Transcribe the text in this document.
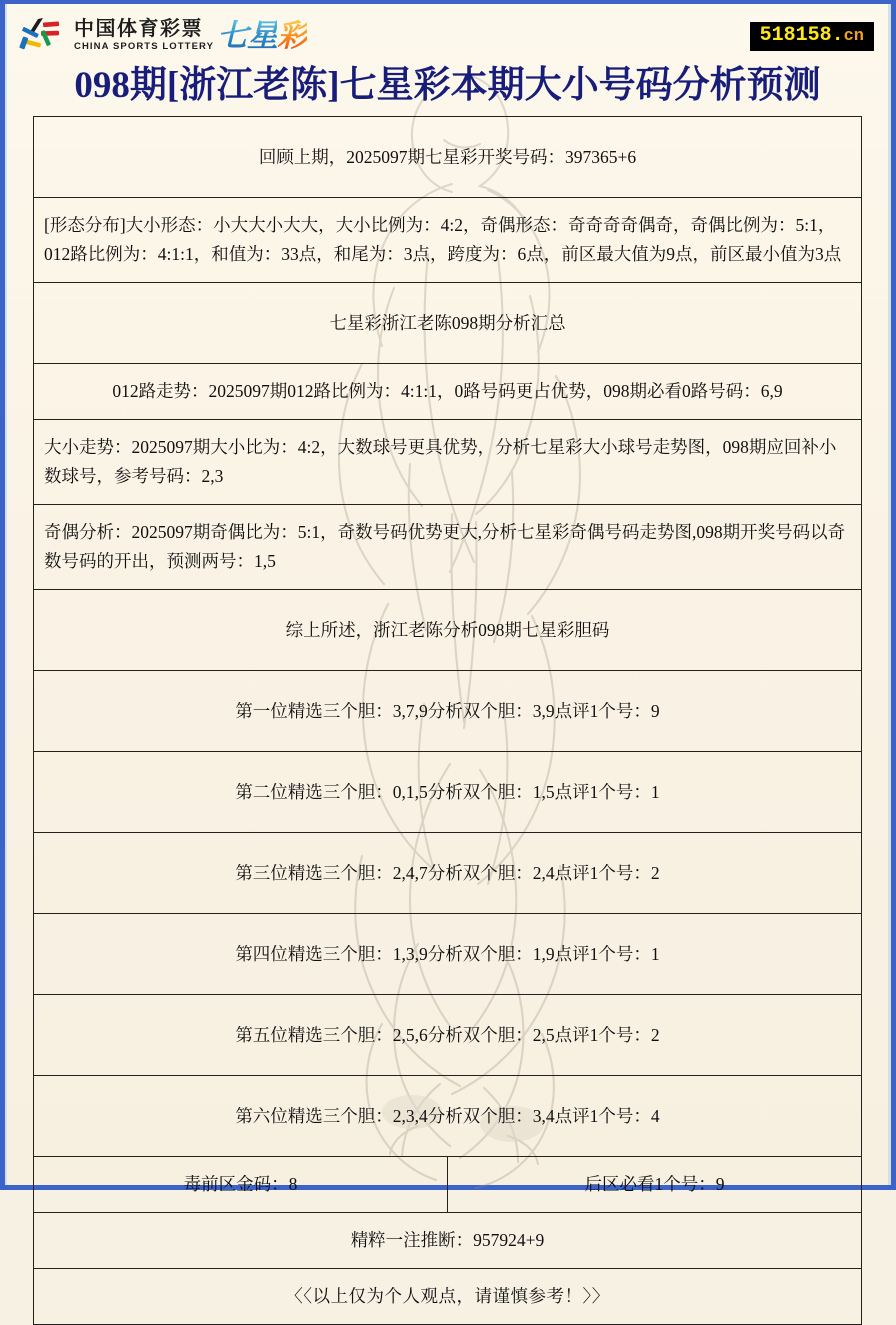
中国体育彩票
CHINA SPORTS LOTTERY 七星彩	518158.cn
098期[浙江老陈]七星彩本期大小号码分析预测
回顾上期，2025097期七星彩开奖号码：397365+6
[形态分布]大小形态：小大大小大大，大小比例为：4:2，奇偶形态：奇奇奇奇偶奇，奇偶比例为：5:1，012路比例为：4:1:1，和值为：33点，和尾为：3点，跨度为：6点，前区最大值为9点，前区最小值为3点
七星彩浙江老陈098期分析汇总
012路走势：2025097期012路比例为：4:1:1，0路号码更占优势，098期必看0路号码：6,9
大小走势：2025097期大小比为：4:2，大数球号更具优势，分析七星彩大小球号走势图，098期应回补小数球号，参考号码：2,3
奇偶分析：2025097期奇偶比为：5:1，奇数号码优势更大,分析七星彩奇偶号码走势图,098期开奖号码以奇数号码的开出，预测两号：1,5
综上所述，浙江老陈分析098期七星彩胆码
第一位精选三个胆：3,7,9分析双个胆：3,9点评1个号：9
第二位精选三个胆：0,1,5分析双个胆：1,5点评1个号：1
第三位精选三个胆：2,4,7分析双个胆：2,4点评1个号：2
第四位精选三个胆：1,3,9分析双个胆：1,9点评1个号：1
第五位精选三个胆：2,5,6分析双个胆：2,5点评1个号：2
第六位精选三个胆：2,3,4分析双个胆：3,4点评1个号：4
毒前区金码：8	后区必看1个号：9
精粹一注推断：957924+9
〈〈以上仅为个人观点，请谨慎参考！〉〉
